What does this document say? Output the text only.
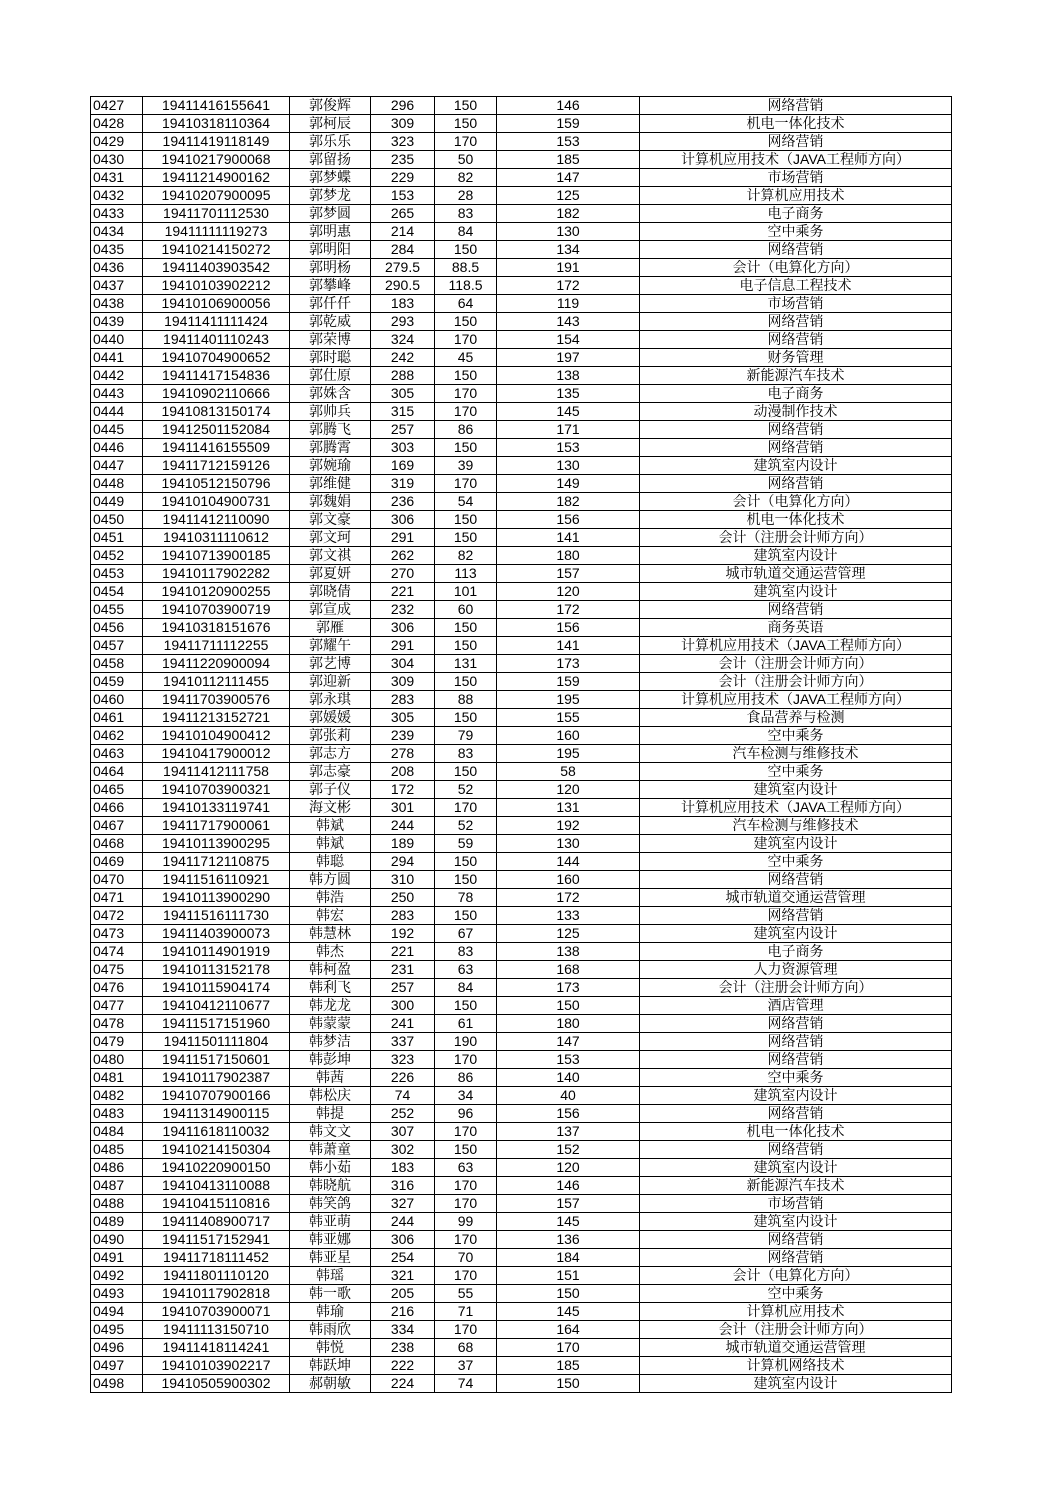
0427	19411416155641	郭俊辉	296	150	146	网络营销
0428	19410318110364	郭柯辰	309	150	159	机电一体化技术
0429	19411419118149	郭乐乐	323	170	153	网络营销
0430	19410217900068	郭留扬	235	50	185	计算机应用技术（JAVA工程师方向）
0431	19411214900162	郭梦蝶	229	82	147	市场营销
0432	19410207900095	郭梦龙	153	28	125	计算机应用技术
0433	19411701112530	郭梦圆	265	83	182	电子商务
0434	19411111119273	郭明惠	214	84	130	空中乘务
0435	19410214150272	郭明阳	284	150	134	网络营销
0436	19411403903542	郭明杨	279.5	88.5	191	会计（电算化方向）
0437	19410103902212	郭攀峰	290.5	118.5	172	电子信息工程技术
0438	19410106900056	郭仟仟	183	64	119	市场营销
0439	19411411111424	郭乾威	293	150	143	网络营销
0440	19411401110243	郭荣博	324	170	154	网络营销
0441	19410704900652	郭时聪	242	45	197	财务管理
0442	19411417154836	郭仕原	288	150	138	新能源汽车技术
0443	19410902110666	郭姝含	305	170	135	电子商务
0444	19410813150174	郭帅兵	315	170	145	动漫制作技术
0445	19412501152084	郭腾飞	257	86	171	网络营销
0446	19411416155509	郭腾霄	303	150	153	网络营销
0447	19411712159126	郭婉瑜	169	39	130	建筑室内设计
0448	19410512150796	郭维健	319	170	149	网络营销
0449	19410104900731	郭魏娟	236	54	182	会计（电算化方向）
0450	19411412110090	郭文豪	306	150	156	机电一体化技术
0451	19410311110612	郭文珂	291	150	141	会计（注册会计师方向）
0452	19410713900185	郭文祺	262	82	180	建筑室内设计
0453	19410117902282	郭夏妍	270	113	157	城市轨道交通运营管理
0454	19410120900255	郭晓倩	221	101	120	建筑室内设计
0455	19410703900719	郭宣成	232	60	172	网络营销
0456	19410318151676	郭雁	306	150	156	商务英语
0457	19411711112255	郭耀午	291	150	141	计算机应用技术（JAVA工程师方向）
0458	19411220900094	郭艺博	304	131	173	会计（注册会计师方向）
0459	19410112111455	郭迎新	309	150	159	会计（注册会计师方向）
0460	19411703900576	郭永琪	283	88	195	计算机应用技术（JAVA工程师方向）
0461	19411213152721	郭媛媛	305	150	155	食品营养与检测
0462	19410104900412	郭张莉	239	79	160	空中乘务
0463	19410417900012	郭志方	278	83	195	汽车检测与维修技术
0464	19411412111758	郭志豪	208	150	58	空中乘务
0465	19410703900321	郭子仪	172	52	120	建筑室内设计
0466	19410133119741	海文彬	301	170	131	计算机应用技术（JAVA工程师方向）
0467	19411717900061	韩斌	244	52	192	汽车检测与维修技术
0468	19410113900295	韩斌	189	59	130	建筑室内设计
0469	19411712110875	韩聪	294	150	144	空中乘务
0470	19411516110921	韩方圆	310	150	160	网络营销
0471	19410113900290	韩浩	250	78	172	城市轨道交通运营管理
0472	19411516111730	韩宏	283	150	133	网络营销
0473	19411403900073	韩慧林	192	67	125	建筑室内设计
0474	19410114901919	韩杰	221	83	138	电子商务
0475	19410113152178	韩柯盈	231	63	168	人力资源管理
0476	19410115904174	韩利飞	257	84	173	会计（注册会计师方向）
0477	19410412110677	韩龙龙	300	150	150	酒店管理
0478	19411517151960	韩蒙蒙	241	61	180	网络营销
0479	19411501111804	韩梦洁	337	190	147	网络营销
0480	19411517150601	韩彭坤	323	170	153	网络营销
0481	19410117902387	韩茜	226	86	140	空中乘务
0482	19410707900166	韩松庆	74	34	40	建筑室内设计
0483	19411314900115	韩提	252	96	156	网络营销
0484	19411618110032	韩文文	307	170	137	机电一体化技术
0485	19410214150304	韩萧童	302	150	152	网络营销
0486	19410220900150	韩小茹	183	63	120	建筑室内设计
0487	19410413110088	韩晓航	316	170	146	新能源汽车技术
0488	19410415110816	韩笑鸽	327	170	157	市场营销
0489	19411408900717	韩亚萌	244	99	145	建筑室内设计
0490	19411517152941	韩亚娜	306	170	136	网络营销
0491	19411718111452	韩亚星	254	70	184	网络营销
0492	19411801110120	韩瑶	321	170	151	会计（电算化方向）
0493	19410117902818	韩一歌	205	55	150	空中乘务
0494	19410703900071	韩瑜	216	71	145	计算机应用技术
0495	19411113150710	韩雨欣	334	170	164	会计（注册会计师方向）
0496	19411418114241	韩悦	238	68	170	城市轨道交通运营管理
0497	19410103902217	韩跃坤	222	37	185	计算机网络技术
0498	19410505900302	郝朝敏	224	74	150	建筑室内设计
